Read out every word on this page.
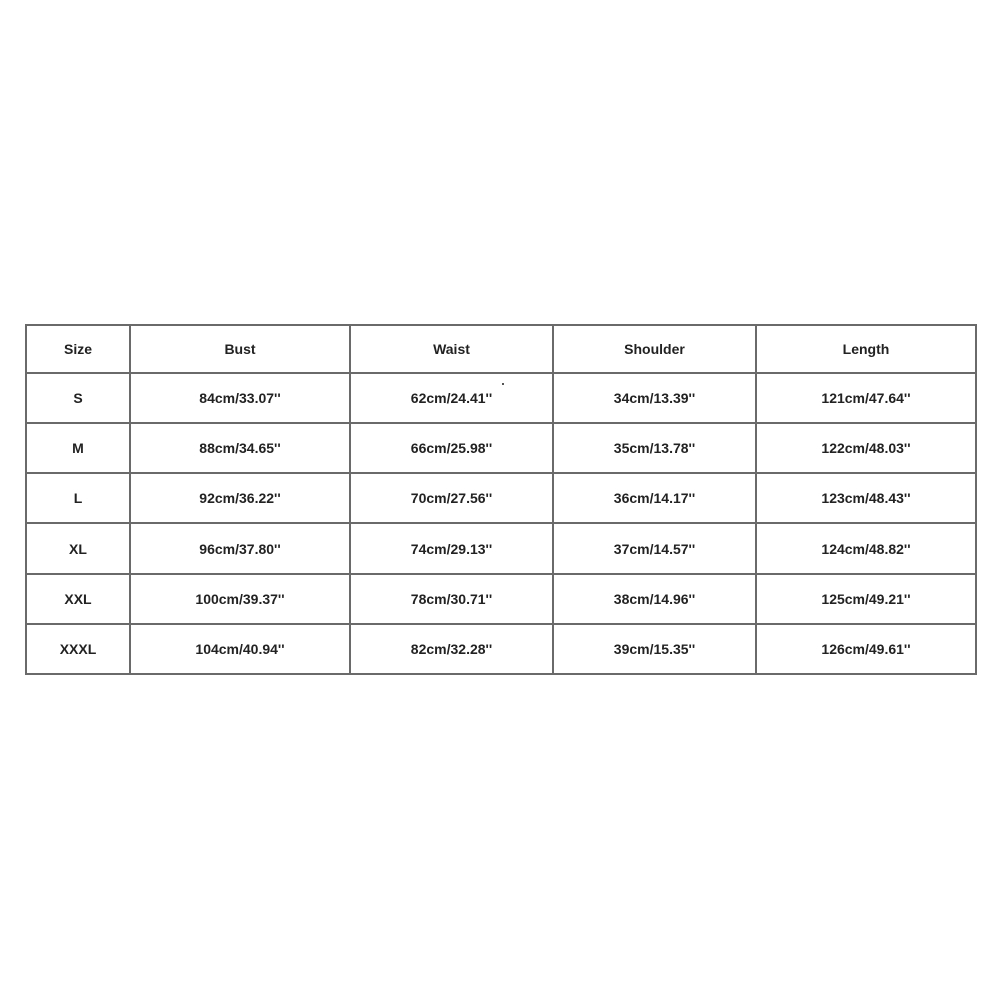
Size	Bust	Waist	Shoulder	Length
S	84cm/33.07''	62cm/24.41''	34cm/13.39''	121cm/47.64''
M	88cm/34.65''	66cm/25.98''	35cm/13.78''	122cm/48.03''
L	92cm/36.22''	70cm/27.56''	36cm/14.17''	123cm/48.43''
XL	96cm/37.80''	74cm/29.13''	37cm/14.57''	124cm/48.82''
XXL	100cm/39.37''	78cm/30.71''	38cm/14.96''	125cm/49.21''
XXXL	104cm/40.94''	82cm/32.28''	39cm/15.35''	126cm/49.61''
